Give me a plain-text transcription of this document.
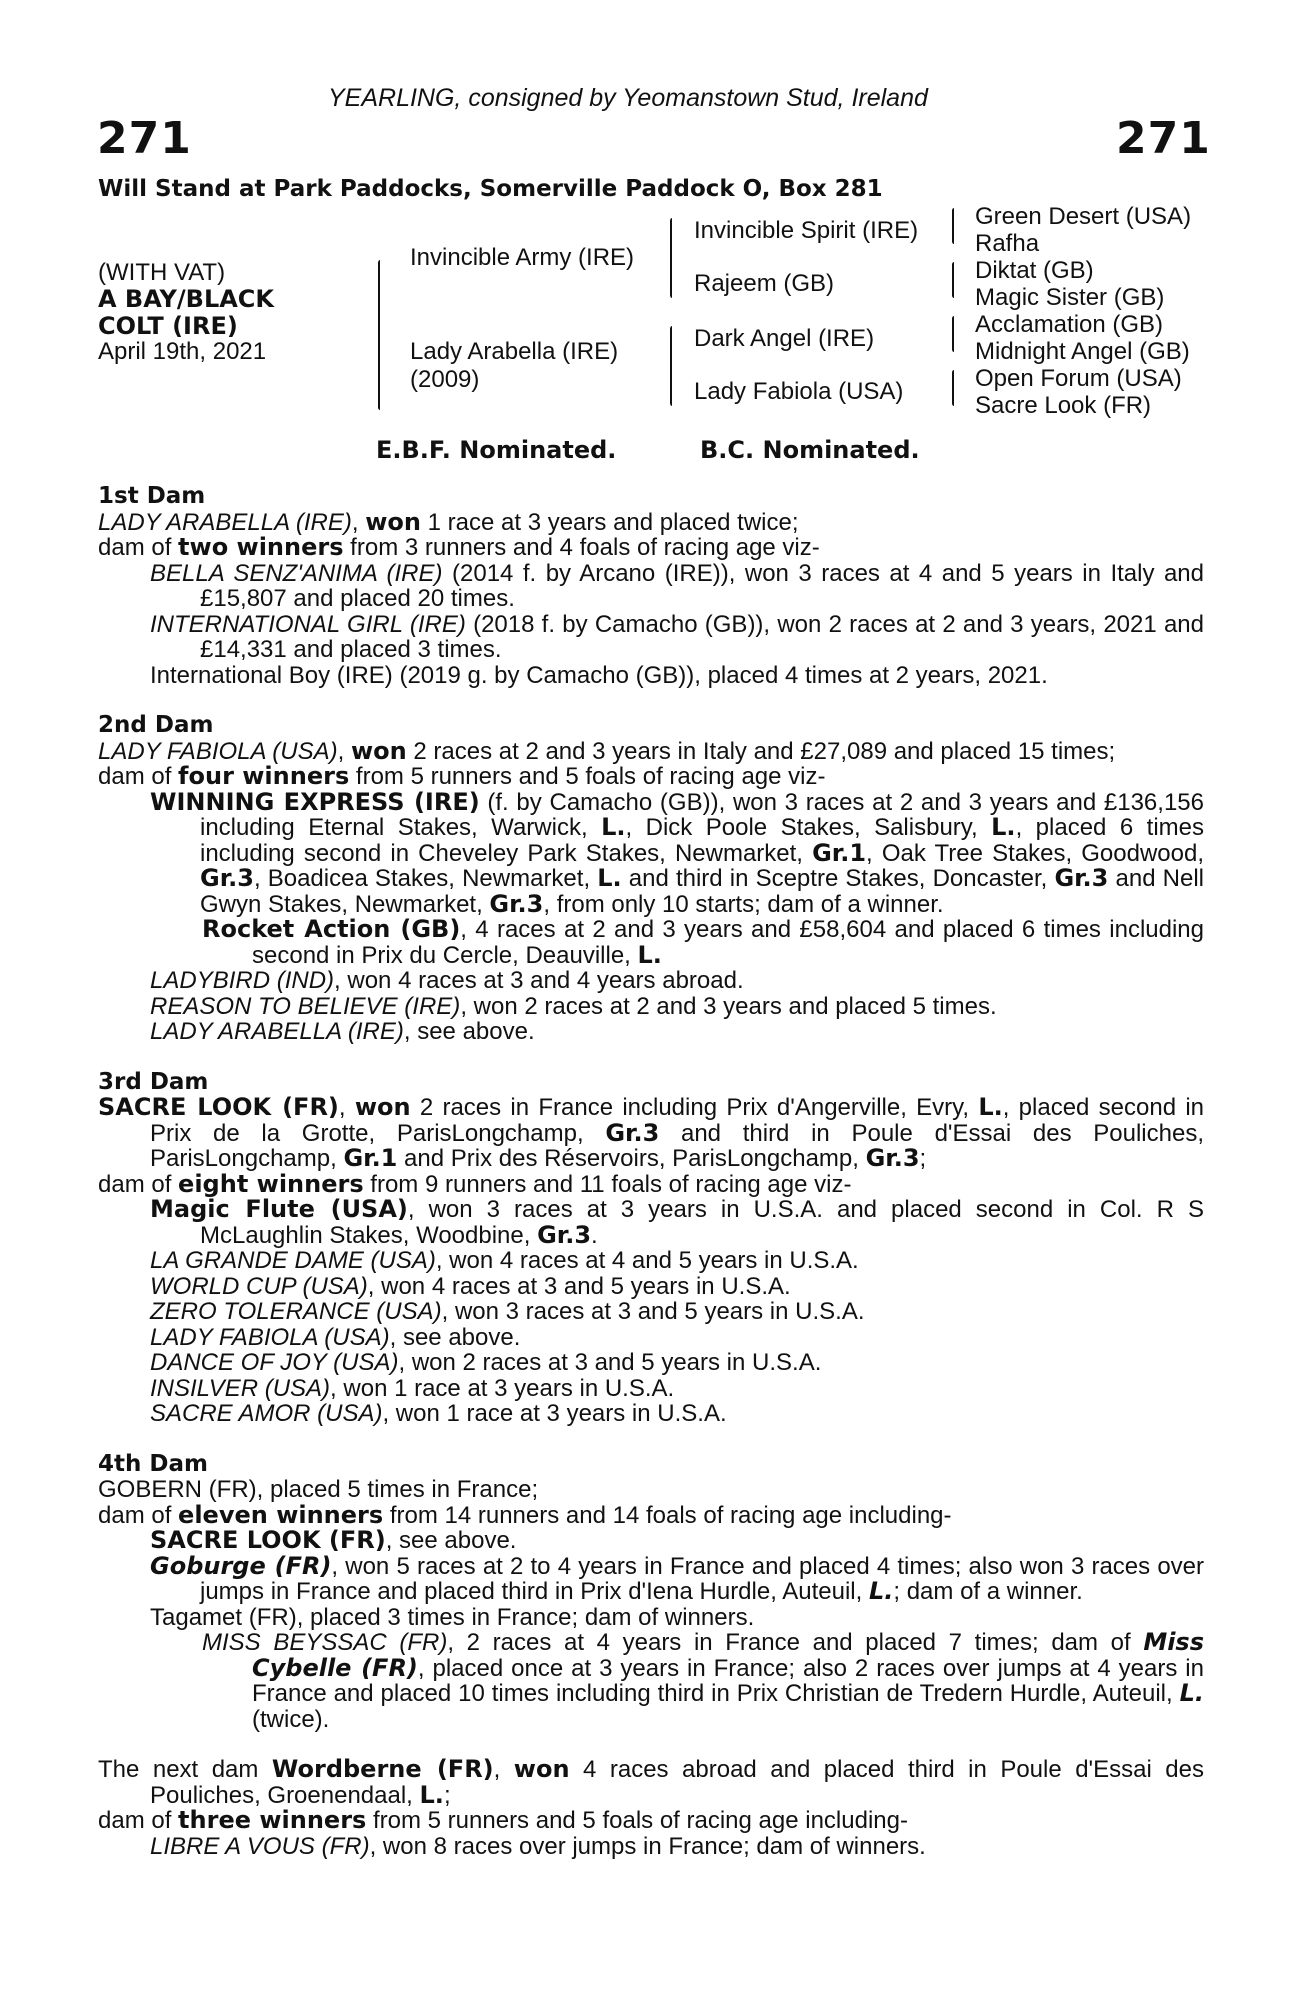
YEARLING, consigned by Yeomanstown Stud, Ireland
271	271
Will Stand at Park Paddocks, Somerville Paddock O, Box 281
(WITH VAT)
A BAY/BLACK
COLT (IRE)
April 19th, 2021
Invincible Army (IRE)
Lady Arabella (IRE)
(2009)
Invincible Spirit (IRE)
Rajeem (GB)
Dark Angel (IRE)
Lady Fabiola (USA)
Green Desert (USA)
Rafha
Diktat (GB)
Magic Sister (GB)
Acclamation (GB)
Midnight Angel (GB)
Open Forum (USA)
Sacre Look (FR)
E.B.F. Nominated.	B.C. Nominated.
1st Dam
LADY ARABELLA (IRE), won 1 race at 3 years and placed twice;
dam of two winners from 3 runners and 4 foals of racing age viz-
BELLA SENZ'ANIMA (IRE) (2014 f. by Arcano (IRE)), won 3 races at 4 and 5 years in Italy and £15,807 and placed 20 times.
INTERNATIONAL GIRL (IRE) (2018 f. by Camacho (GB)), won 2 races at 2 and 3 years, 2021 and £14,331 and placed 3 times.
International Boy (IRE) (2019 g. by Camacho (GB)), placed 4 times at 2 years, 2021.
2nd Dam
LADY FABIOLA (USA), won 2 races at 2 and 3 years in Italy and £27,089 and placed 15 times;
dam of four winners from 5 runners and 5 foals of racing age viz-
WINNING EXPRESS (IRE) (f. by Camacho (GB)), won 3 races at 2 and 3 years and £136,156 including Eternal Stakes, Warwick, L., Dick Poole Stakes, Salisbury, L., placed 6 times including second in Cheveley Park Stakes, Newmarket, Gr.1, Oak Tree Stakes, Goodwood, Gr.3, Boadicea Stakes, Newmarket, L. and third in Sceptre Stakes, Doncaster, Gr.3 and Nell Gwyn Stakes, Newmarket, Gr.3, from only 10 starts; dam of a winner.
Rocket Action (GB), 4 races at 2 and 3 years and £58,604 and placed 6 times including second in Prix du Cercle, Deauville, L.
LADYBIRD (IND), won 4 races at 3 and 4 years abroad.
REASON TO BELIEVE (IRE), won 2 races at 2 and 3 years and placed 5 times.
LADY ARABELLA (IRE), see above.
3rd Dam
SACRE LOOK (FR), won 2 races in France including Prix d'Angerville, Evry, L., placed second in Prix de la Grotte, ParisLongchamp, Gr.3 and third in Poule d'Essai des Pouliches, ParisLongchamp, Gr.1 and Prix des Réservoirs, ParisLongchamp, Gr.3;
dam of eight winners from 9 runners and 11 foals of racing age viz-
Magic Flute (USA), won 3 races at 3 years in U.S.A. and placed second in Col. R S McLaughlin Stakes, Woodbine, Gr.3.
LA GRANDE DAME (USA), won 4 races at 4 and 5 years in U.S.A.
WORLD CUP (USA), won 4 races at 3 and 5 years in U.S.A.
ZERO TOLERANCE (USA), won 3 races at 3 and 5 years in U.S.A.
LADY FABIOLA (USA), see above.
DANCE OF JOY (USA), won 2 races at 3 and 5 years in U.S.A.
INSILVER (USA), won 1 race at 3 years in U.S.A.
SACRE AMOR (USA), won 1 race at 3 years in U.S.A.
4th Dam
GOBERN (FR), placed 5 times in France;
dam of eleven winners from 14 runners and 14 foals of racing age including-
SACRE LOOK (FR), see above.
Goburge (FR), won 5 races at 2 to 4 years in France and placed 4 times; also won 3 races over jumps in France and placed third in Prix d'Iena Hurdle, Auteuil, L.; dam of a winner.
Tagamet (FR), placed 3 times in France; dam of winners.
MISS BEYSSAC (FR), 2 races at 4 years in France and placed 7 times; dam of Miss Cybelle (FR), placed once at 3 years in France; also 2 races over jumps at 4 years in France and placed 10 times including third in Prix Christian de Tredern Hurdle, Auteuil, L. (twice).
The next dam Wordberne (FR), won 4 races abroad and placed third in Poule d'Essai des Pouliches, Groenendaal, L.;
dam of three winners from 5 runners and 5 foals of racing age including-
LIBRE A VOUS (FR), won 8 races over jumps in France; dam of winners.
